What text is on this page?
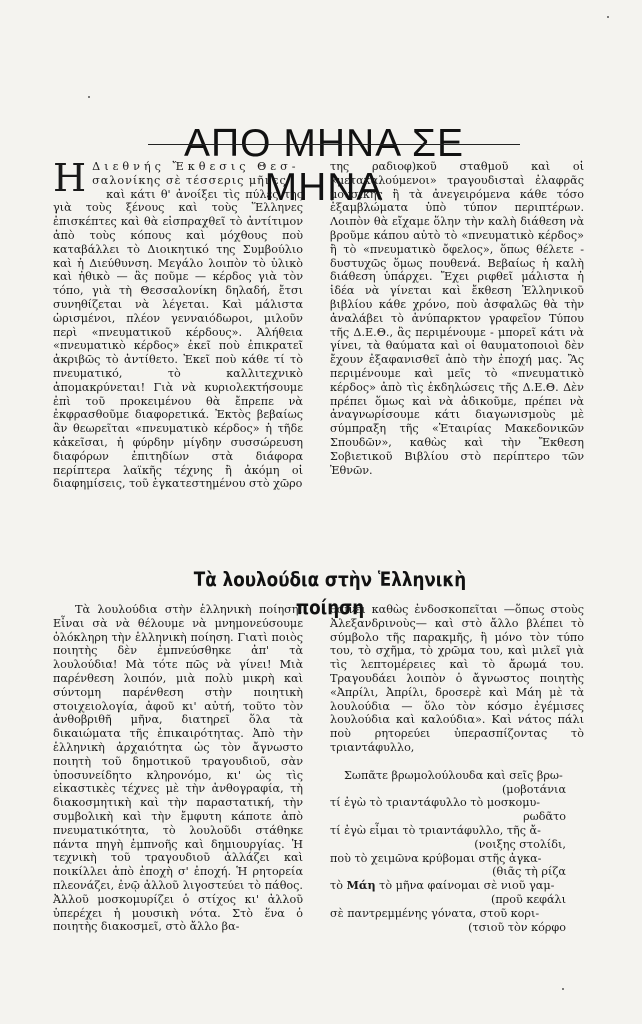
ΑΠΟ ΜΗΝΑ ΣΕ ΜΗΝΑ
Η Διεθνής Ἔκθεσις Θεσ-

σαλονίκης σὲ τέσσερις μῆνες

καὶ κάτι θ' ἀνοίξει τὶς πύλες της γιὰ τοὺς ξένους καὶ τοὺς Ἕλληνες ἐπισκέπτες καὶ θὰ εἰσπραχθεῖ τὸ ἀντίτιμον ἀπὸ τοὺς κόπους καὶ μόχθους ποὺ καταβάλλει τὸ Διοικητικό της Συμβούλιο καὶ ἡ Διεύθυνση. Μεγάλο λοιπὸν τὸ ὑλικὸ καὶ ἠθικὸ — ἂς ποῦμε — κέρδος γιὰ τὸν τόπο, γιὰ τὴ Θεσσαλονίκη δηλαδή, ἔτσι συνηθίζεται νὰ λέγεται. Καὶ μάλιστα ὡρισμένοι, πλέον γενναιόδωροι, μιλοῦν περὶ «πνευματικοῦ κέρδους». Ἀλήθεια «πνευματικὸ κέρδος» ἐκεῖ ποὺ ἐπικρατεῖ ἀκριβῶς τὸ ἀντίθετο. Ἐκεῖ ποὺ κάθε τί τὸ πνευματικό, τὸ καλλιτεχνικὸ ἀπομακρύνεται! Γιὰ νὰ κυριολεκτήσουμε ἐπὶ τοῦ προκειμένου θὰ ἔπρεπε νὰ ἐκφρασθοῦμε διαφορετικά. Ἐκτὸς βεβαίως ἂν θεωρεῖται «πνευματικὸ κέρδος» ἡ τῆδε κἀκεῖσαι, ἡ φύρδην μίγδην συσσώρευση διαφόρων ἐπιτηδίων στὰ διάφορα περίπτερα λαϊκῆς τέχνης ἢ ἀκόμη οἱ διαφημίσεις, τοῦ ἐγκατεστημένου στὸ χῶρο

της ραδιοφ)κοῦ σταθμοῦ καὶ οἱ «μετακαλούμενοι» τραγουδισταὶ ἐλαφρᾶς μουσικῆς ἢ τὰ ἀνεγειρόμενα κάθε τόσο ἐξαμβλώματα ὑπὸ τύπον περιπτέρων. Λοιπὸν θὰ εἴχαμε ὅλην τὴν καλὴ διάθεση νὰ βροῦμε κάπου αὐτὸ τὸ «πνευματικὸ κέρδος» ἢ τὸ «πνευματικὸ ὄφελος», ὅπως θέλετε - δυστυχῶς ὅμως πουθενά. Βεβαίως ἡ καλὴ διάθεση ὑπάρχει. Ἔχει ριφθεῖ μάλιστα ἡ ἰδέα νὰ γίνεται καὶ ἔκθεση Ἑλληνικοῦ βιβλίου κάθε χρόνο, ποὺ ἀσφαλῶς θὰ τὴν ἀναλάβει τὸ ἀνύπαρκτον γραφεῖον Τύπου τῆς Δ.Ε.Θ., ἂς περιμένουμε - μπορεῖ κάτι νὰ γίνει, τὰ θαύματα καὶ οἱ θαυματοποιοὶ δὲν ἔχουν ἐξαφανισθεῖ ἀπὸ τὴν ἐποχή μας. Ἂς περιμένουμε καὶ μεῖς τὸ «πνευματικὸ κέρδος» ἀπὸ τὶς ἐκδηλώσεις τῆς Δ.Ε.Θ. Δὲν πρέπει ὅμως καὶ νὰ ἀδικοῦμε, πρέπει νὰ ἀναγνωρίσουμε κάτι διαγωνισμοὺς μὲ σύμπραξη τῆς «Ἑταιρίας Μακεδονικῶν Σπουδῶν», καθὼς καὶ τὴν Ἔκθεση Σοβιετικοῦ Βιβλίου στὸ περίπτερο τῶν Ἐθνῶν.

Τὰ λουλούδια στὴν Ἑλληνικὴ ποίηση

Τὰ λουλούδια στὴν ἑλληνικὴ ποίηση! Εἶναι σὰ νὰ θέλουμε νὰ μνημονεύσουμε ὁλόκληρη τὴν ἑλληνικὴ ποίηση. Γιατὶ ποιὸς ποιητὴς δὲν ἐμπνεύσθηκε ἀπ' τὰ λουλούδια! Μὰ τότε πῶς νὰ γίνει! Μιὰ παρένθεση λοιπόν, μιὰ πολὺ μικρὴ καὶ σύντομη παρένθεση στὴν ποιητικὴ στοιχειολογία, ἀφοῦ κι' αὐτή, τοῦτο τὸν ἀνθοβριθῆ μῆνα, διατηρεῖ ὅλα τὰ δικαιώματα τῆς ἐπικαιρότητας. Ἀπὸ τὴν ἑλληνικὴ ἀρχαιότητα ὡς τὸν ἄγνωστο ποιητὴ τοῦ δημοτικοῦ τραγουδιοῦ, σὰν ὑποσυνείδητο κληρονόμο, κι' ὡς τὶς εἰκαστικὲς τέχνες μὲ τὴν ἀνθογραφία, τὴ διακοσμητικὴ καὶ τὴν παραστατική, τὴν συμβολικὴ καὶ τὴν ἔμφυτη κάποτε ἀπὸ πνευματικότητα, τὸ λουλοῦδι στάθηκε πάντα πηγὴ ἐμπνοῆς καὶ δημιουργίας. Ἡ τεχνικὴ τοῦ τραγουδιοῦ ἀλλάζει καὶ ποικίλλει ἀπὸ ἐποχὴ σ' ἐποχή. Ἡ ρητορεία πλεονάζει, ἐνῷ ἀλλοῦ λιγοστεύει τὸ πάθος. Ἀλλοῦ μοσκομυρίζει ὁ στίχος κι' ἀλλοῦ ὑπερέχει ἡ μουσικὴ νότα. Στὸ ἕνα ὁ ποιητὴς διακοσμεῖ, στὸ ἄλλο βα-

θαίνει καθὼς ἐνδοσκοπεῖται —ὅπως στοὺς Ἀλεξανδρινοὺς— καὶ στὸ ἄλλο βλέπει τὸ σύμβολο τῆς παρακμῆς, ἢ μόνο τὸν τύπο του, τὸ σχῆμα, τὸ χρῶμα του, καὶ μιλεῖ γιὰ τὶς λεπτομέρειες καὶ τὸ ἄρωμά του. Τραγουδάει λοιπὸν ὁ ἄγνωστος ποιητὴς «Ἀπρίλι, Ἀπρίλι, δροσερὲ καὶ Μάη μὲ τὰ λουλούδια — ὅλο τὸν κόσμο ἐγέμισες λουλούδια καὶ καλούδια». Καὶ νάτος πάλι ποὺ ρητορεύει ὑπερασπίζοντας τὸ τριαντάφυλλο,

Σωπᾶτε βρωμολούλουδα καὶ σεῖς βρω-
(μοβοτάνια
τί ἐγὼ τὸ τριαντάφυλλο τὸ μοσκομυ-
ρωδᾶτο
τί ἐγὼ εἶμαι τὸ τριαντάφυλλο, τῆς ἄ-
(νοιξης στολίδι,
ποὺ τὸ χειμῶνα κρύβομαι στῆς ἀγκα-
(θιᾶς τὴ ρίζα
τὸ Μάη τὸ μῆνα φαίνομαι σὲ νιοῦ γαμ-
(προῦ κεφάλι
σὲ παντρεμμένης γόνατα, στοῦ κορι-
(τσιοῦ τὸν κόρφο
